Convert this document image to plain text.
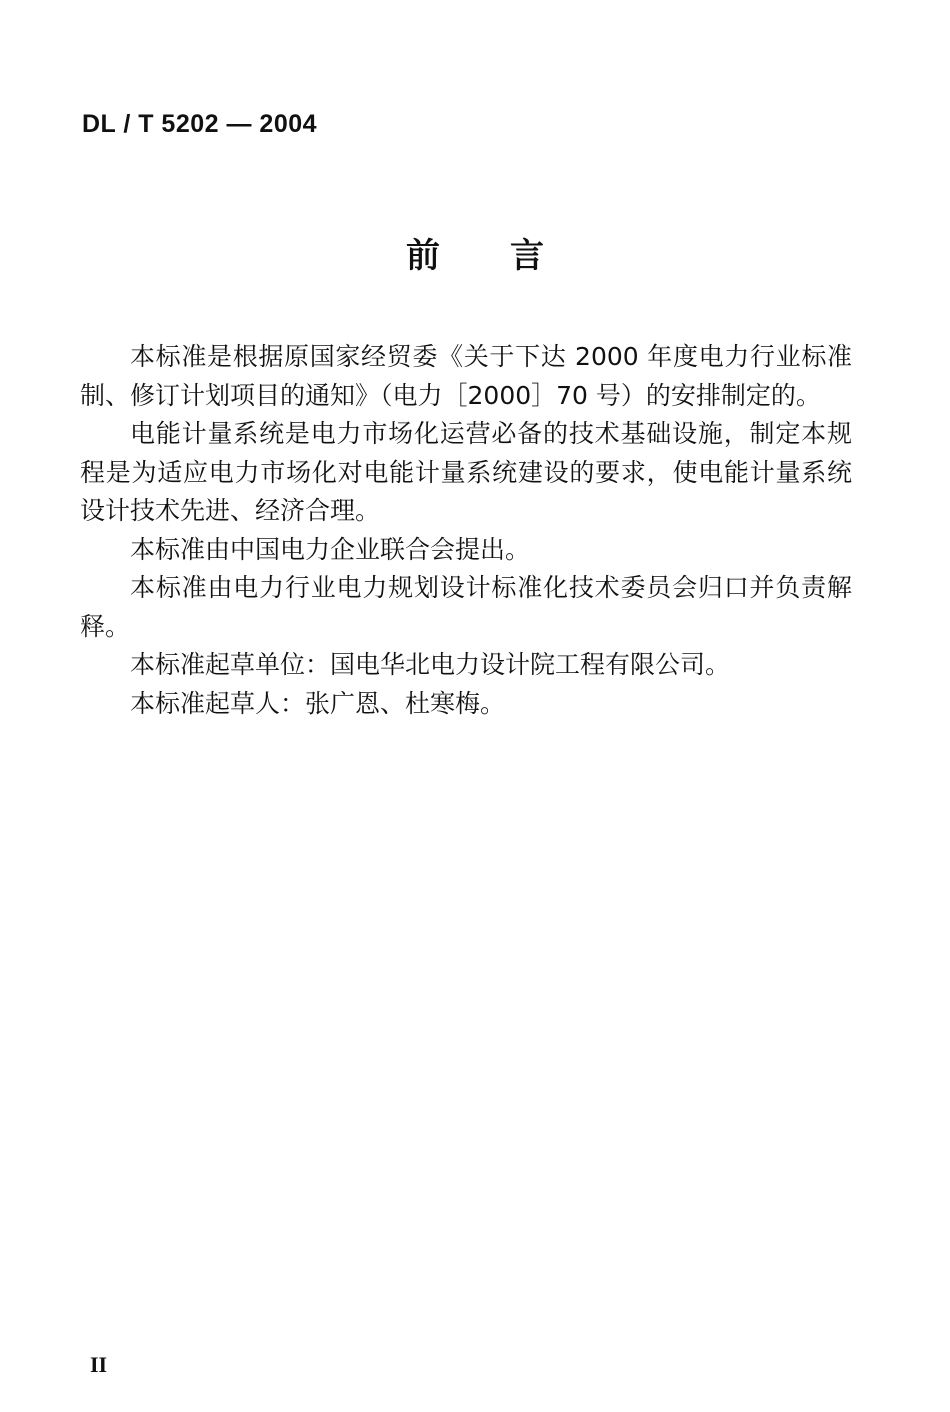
DL / T 5202 — 2004
前 言

本标准是根据原国家经贸委《关于下达 2000 年度电力行业标准制、修订计划项目的通知》（电力［2000］70 号）的安排制定的。

电能计量系统是电力市场化运营必备的技术基础设施，制定本规程是为适应电力市场化对电能计量系统建设的要求，使电能计量系统设计技术先进、经济合理。

本标准由中国电力企业联合会提出。

本标准由电力行业电力规划设计标准化技术委员会归口并负责解释。

本标准起草单位：国电华北电力设计院工程有限公司。

本标准起草人：张广恩、杜寒梅。

II
